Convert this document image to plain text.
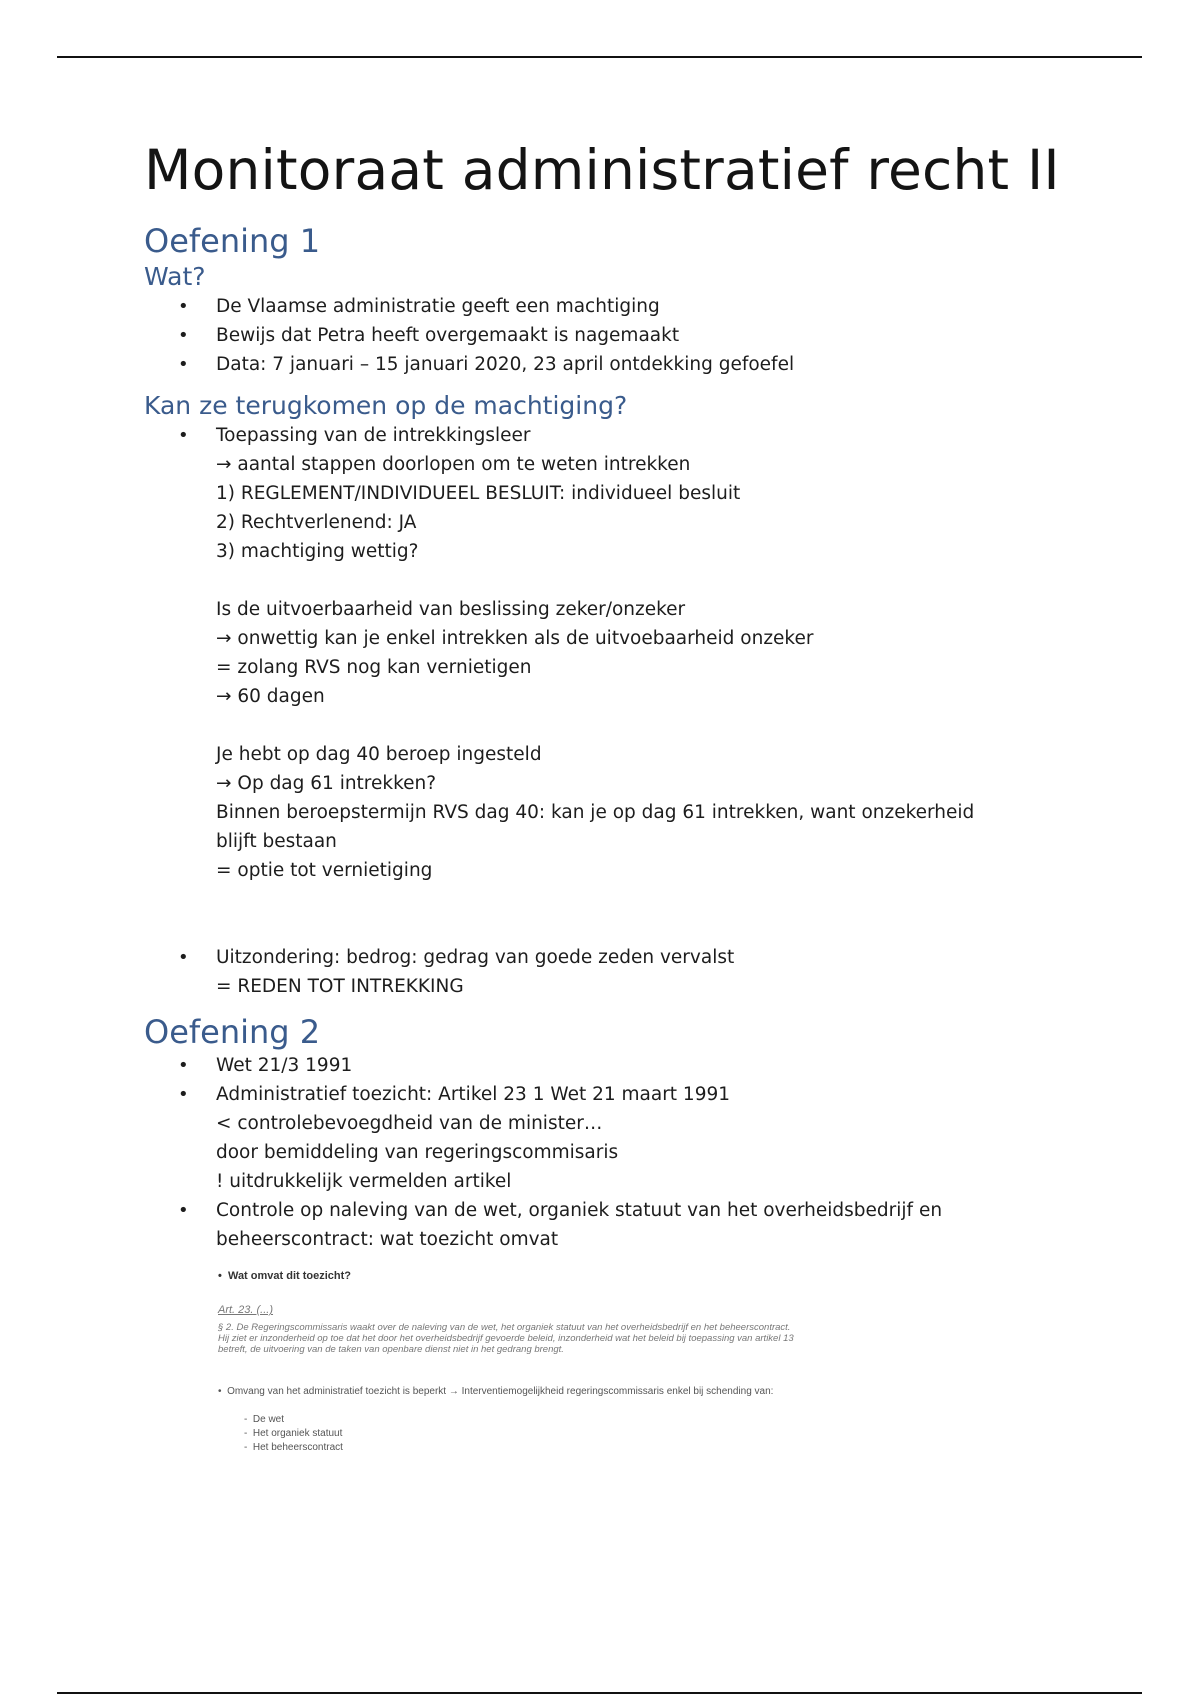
Monitoraat administratief recht II
Oefening 1
Wat?
• De Vlaamse administratie geeft een machtiging
• Bewijs dat Petra heeft overgemaakt is nagemaakt
• Data: 7 januari – 15 januari 2020, 23 april ontdekking gefoefel
Kan ze terugkomen op de machtiging?
• Toepassing van de intrekkingsleer
→ aantal stappen doorlopen om te weten intrekken
1) REGLEMENT/INDIVIDUEEL BESLUIT: individueel besluit
2) Rechtverlenend: JA
3) machtiging wettig?
Is de uitvoerbaarheid van beslissing zeker/onzeker
→ onwettig kan je enkel intrekken als de uitvoebaarheid onzeker
= zolang RVS nog kan vernietigen
→ 60 dagen
Je hebt op dag 40 beroep ingesteld
→ Op dag 61 intrekken?
Binnen beroepstermijn RVS dag 40: kan je op dag 61 intrekken, want onzekerheid blijft bestaan
= optie tot vernietiging
• Uitzondering: bedrog: gedrag van goede zeden vervalst
= REDEN TOT INTREKKING
Oefening 2
• Wet 21/3 1991
• Administratief toezicht: Artikel 23 1 Wet 21 maart 1991
< controlebevoegdheid van de minister…
door bemiddeling van regeringscommisaris
! uitdrukkelijk vermelden artikel
• Controle op naleving van de wet, organiek statuut van het overheidsbedrijf en beheerscontract: wat toezicht omvat
•  Wat omvat dit toezicht?
Art. 23. (...)
§ 2. De Regeringscommissaris waakt over de naleving van de wet, het organiek statuut van het overheidsbedrijf en het beheerscontract. Hij ziet er inzonderheid op toe dat het door het overheidsbedrijf gevoerde beleid, inzonderheid wat het beleid bij toepassing van artikel 13 betreft, de uitvoering van de taken van openbare dienst niet in het gedrang brengt.
•  Omvang van het administratief toezicht is beperkt → Interventiemogelijkheid regeringscommissaris enkel bij schending van:
-  De wet
-  Het organiek statuut
-  Het beheerscontract
